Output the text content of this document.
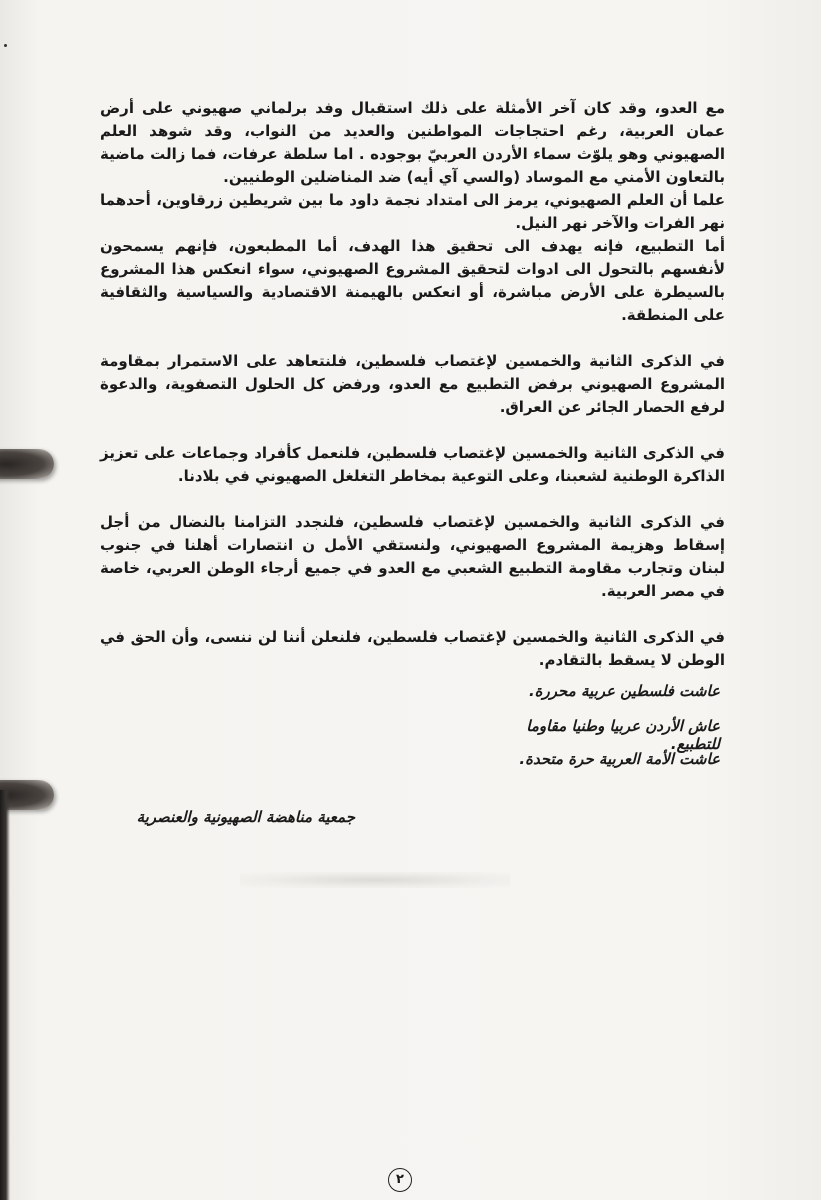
مع العدو، وقد كان آخر الأمثلة على ذلك استقبال وفد برلماني صهيوني على أرض عمان العربية، رغم احتجاجات المواطنين والعديد من النواب، وقد شوهد العلم الصهيوني وهو يلوّث سماء الأردن العربيّ بوجوده . اما سلطة عرفات، فما زالت ماضية بالتعاون الأمني مع الموساد (والسي آي أيه) ضد المناضلين الوطنيين.

علما أن العلم الصهيوني، يرمز الى امتداد نجمة داود ما بين شريطين زرقاوين، أحدهما نهر الفرات والآخر نهر النيل.

أما التطبيع، فإنه يهدف الى تحقيق هذا الهدف، أما المطبعون، فإنهم يسمحون لأنفسهم بالتحول الى ادوات لتحقيق المشروع الصهيوني، سواء انعكس هذا المشروع بالسيطرة على الأرض مباشرة، أو انعكس بالهيمنة الاقتصادية والسياسية والثقافية على المنطقة.

في الذكرى الثانية والخمسين لإغتصاب فلسطين، فلنتعاهد على الاستمرار بمقاومة المشروع الصهيوني برفض التطبيع مع العدو، ورفض كل الحلول التصفوية، والدعوة لرفع الحصار الجائر عن العراق.

في الذكرى الثانية والخمسين لإغتصاب فلسطين، فلنعمل كأفراد وجماعات على تعزيز الذاكرة الوطنية لشعبنا، وعلى التوعية بمخاطر التغلغل الصهيوني في بلادنا.

في الذكرى الثانية والخمسين لإغتصاب فلسطين، فلنجدد التزامنا بالنضال من أجل إسقاط وهزيمة المشروع الصهيوني، ولنستقي الأمل ن انتصارات أهلنا في جنوب لبنان وتجارب مقاومة التطبيع الشعبي مع العدو في جميع أرجاء الوطن العربي، خاصة في مصر العربية.

في الذكرى الثانية والخمسين لإغتصاب فلسطين، فلنعلن أننا لن ننسى، وأن الحق في الوطن لا يسقط بالتقادم.

عاشت فلسطين عربية محررة.
عاش الأردن عربيا وطنيا مقاوما للتطبيع.
عاشت الأمة العربية حرة متحدة.
جمعية مناهضة الصهيونية والعنصرية
٢
